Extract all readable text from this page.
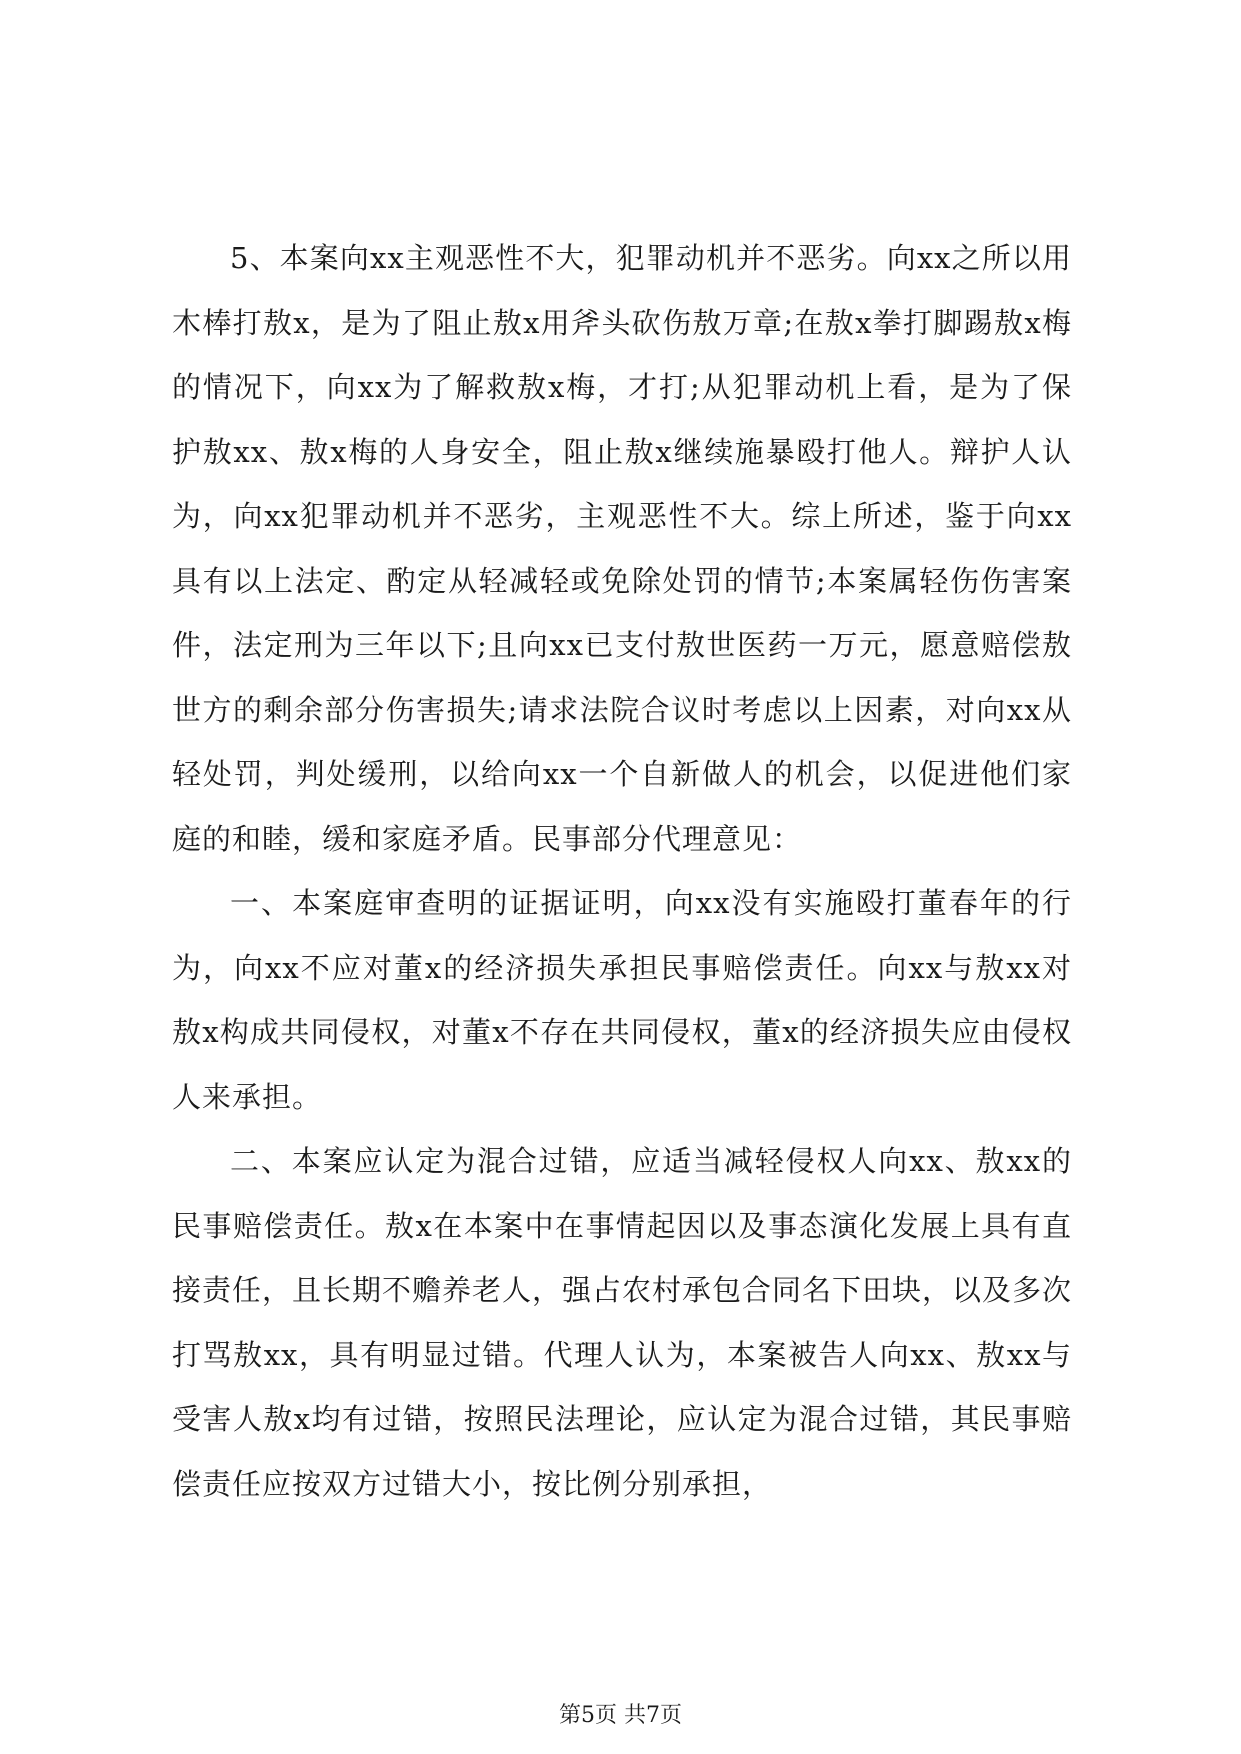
5、本案向xx主观恶性不大，犯罪动机并不恶劣。向xx之所以用木棒打敖x，是为了阻止敖x用斧头砍伤敖万章;在敖x拳打脚踢敖x梅的情况下，向xx为了解救敖x梅，才打;从犯罪动机上看，是为了保护敖xx、敖x梅的人身安全，阻止敖x继续施暴殴打他人。辩护人认为，向xx犯罪动机并不恶劣，主观恶性不大。综上所述，鉴于向xx具有以上法定、酌定从轻减轻或免除处罚的情节;本案属轻伤伤害案件，法定刑为三年以下;且向xx已支付敖世医药一万元，愿意赔偿敖世方的剩余部分伤害损失;请求法院合议时考虑以上因素，对向xx从轻处罚，判处缓刑，以给向xx一个自新做人的机会，以促进他们家庭的和睦，缓和家庭矛盾。民事部分代理意见：

一、本案庭审查明的证据证明，向xx没有实施殴打董春年的行为，向xx不应对董x的经济损失承担民事赔偿责任。向xx与敖xx对敖x构成共同侵权，对董x不存在共同侵权，董x的经济损失应由侵权人来承担。

二、本案应认定为混合过错，应适当减轻侵权人向xx、敖xx的民事赔偿责任。敖x在本案中在事情起因以及事态演化发展上具有直接责任，且长期不赡养老人，强占农村承包合同名下田块，以及多次打骂敖xx，具有明显过错。代理人认为，本案被告人向xx、敖xx与受害人敖x均有过错，按照民法理论，应认定为混合过错，其民事赔偿责任应按双方过错大小，按比例分别承担，

第5页 共7页
